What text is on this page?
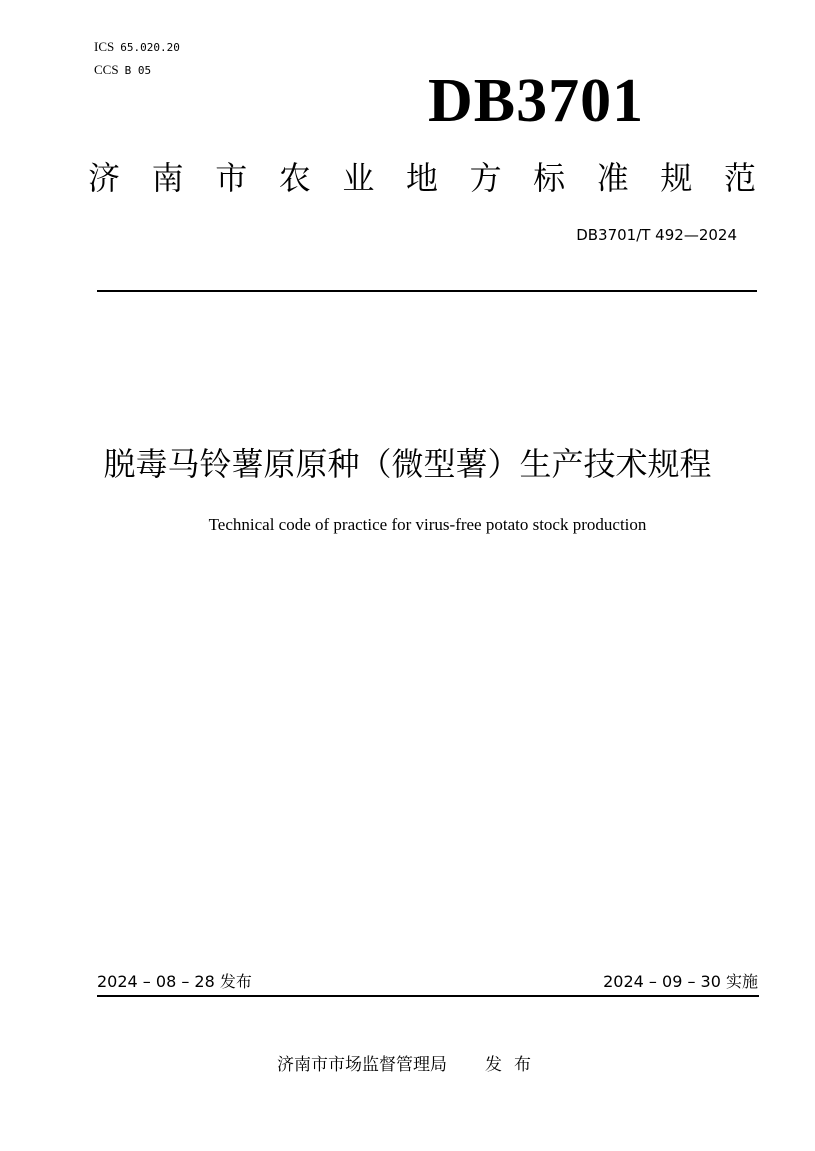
ICS 65.020.20
CCS B 05	DB3701
济 南 市 农 业 地 方 标 准 规 范
DB3701/T 492—2024
脱毒马铃薯原原种（微型薯）生产技术规程
Technical code of practice for virus-free potato stock production
2024 – 08 – 28 发布	2024 – 09 – 30 实施
济南市市场监督管理局 发布
